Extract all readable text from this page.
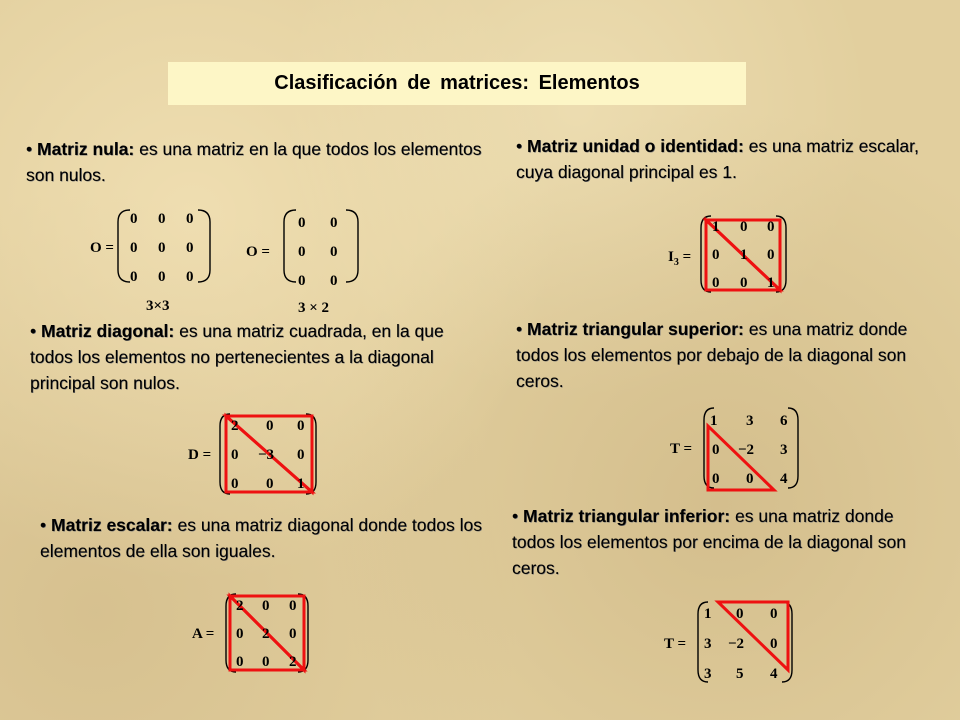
Clasificación de matrices: Elementos
• Matriz nula: es una matriz en la que todos los elementos son nulos.
O =
0 0 0
0 0 0
0 0 0
3×3
O =
0 0
0 0
0 0
3 × 2
• Matriz unidad o identidad: es una matriz escalar, cuya diagonal principal es 1.
$I_3$ =
1 0 0
0 1 0
0 0 1
• Matriz diagonal: es una matriz cuadrada, en la que todos los elementos no pertenecientes a la diagonal principal son nulos.
D =
2 0 0
0 −3 0
0 0 1
• Matriz triangular superior: es una matriz donde todos los elementos por debajo de la diagonal son ceros.
T =
1 3 6
0 −2 3
0 0 4
• Matriz escalar: es una matriz diagonal donde todos los elementos de ella son iguales.
A =
2 0 0
0 2 0
0 0 2
• Matriz triangular inferior: es una matriz donde todos los elementos por encima de la diagonal son ceros.
T =
1 0 0
3 −2 0
3 5 4
